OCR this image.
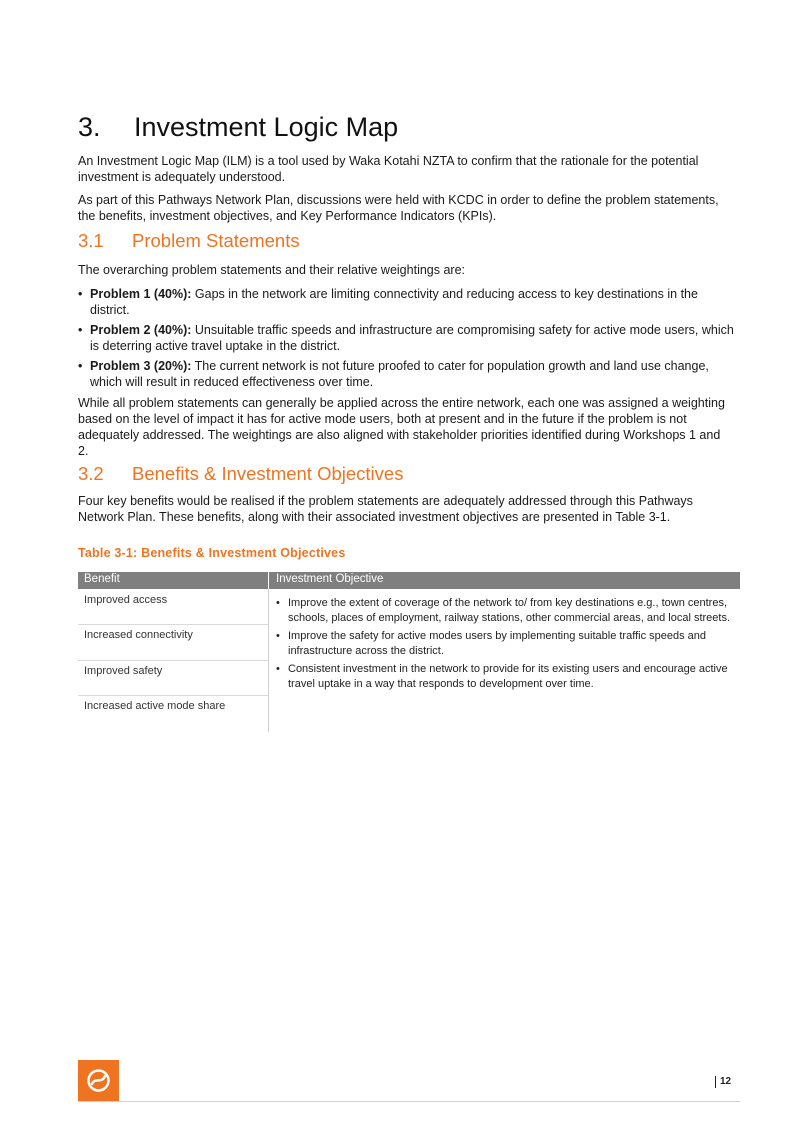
3. Investment Logic Map

An Investment Logic Map (ILM) is a tool used by Waka Kotahi NZTA to confirm that the rationale for the potential investment is adequately understood.

As part of this Pathways Network Plan, discussions were held with KCDC in order to define the problem statements, the benefits, investment objectives, and Key Performance Indicators (KPIs).

3.1 Problem Statements

The overarching problem statements and their relative weightings are:

• Problem 1 (40%): Gaps in the network are limiting connectivity and reducing access to key destinations in the district.
• Problem 2 (40%): Unsuitable traffic speeds and infrastructure are compromising safety for active mode users, which is deterring active travel uptake in the district.
• Problem 3 (20%): The current network is not future proofed to cater for population growth and land use change, which will result in reduced effectiveness over time.

While all problem statements can generally be applied across the entire network, each one was assigned a weighting based on the level of impact it has for active mode users, both at present and in the future if the problem is not adequately addressed. The weightings are also aligned with stakeholder priorities identified during Workshops 1 and 2.

3.2 Benefits & Investment Objectives

Four key benefits would be realised if the problem statements are adequately addressed through this Pathways Network Plan. These benefits, along with their associated investment objectives are presented in Table 3-1.

Table 3-1: Benefits & Investment Objectives
Benefit	Investment Objective
Improved access
Increased connectivity
Improved safety
Increased active mode share
• Improve the extent of coverage of the network to/ from key destinations e.g., town centres, schools, places of employment, railway stations, other commercial areas, and local streets.
• Improve the safety for active modes users by implementing suitable traffic speeds and infrastructure across the district.
• Consistent investment in the network to provide for its existing users and encourage active travel uptake in a way that responds to development over time.
12
